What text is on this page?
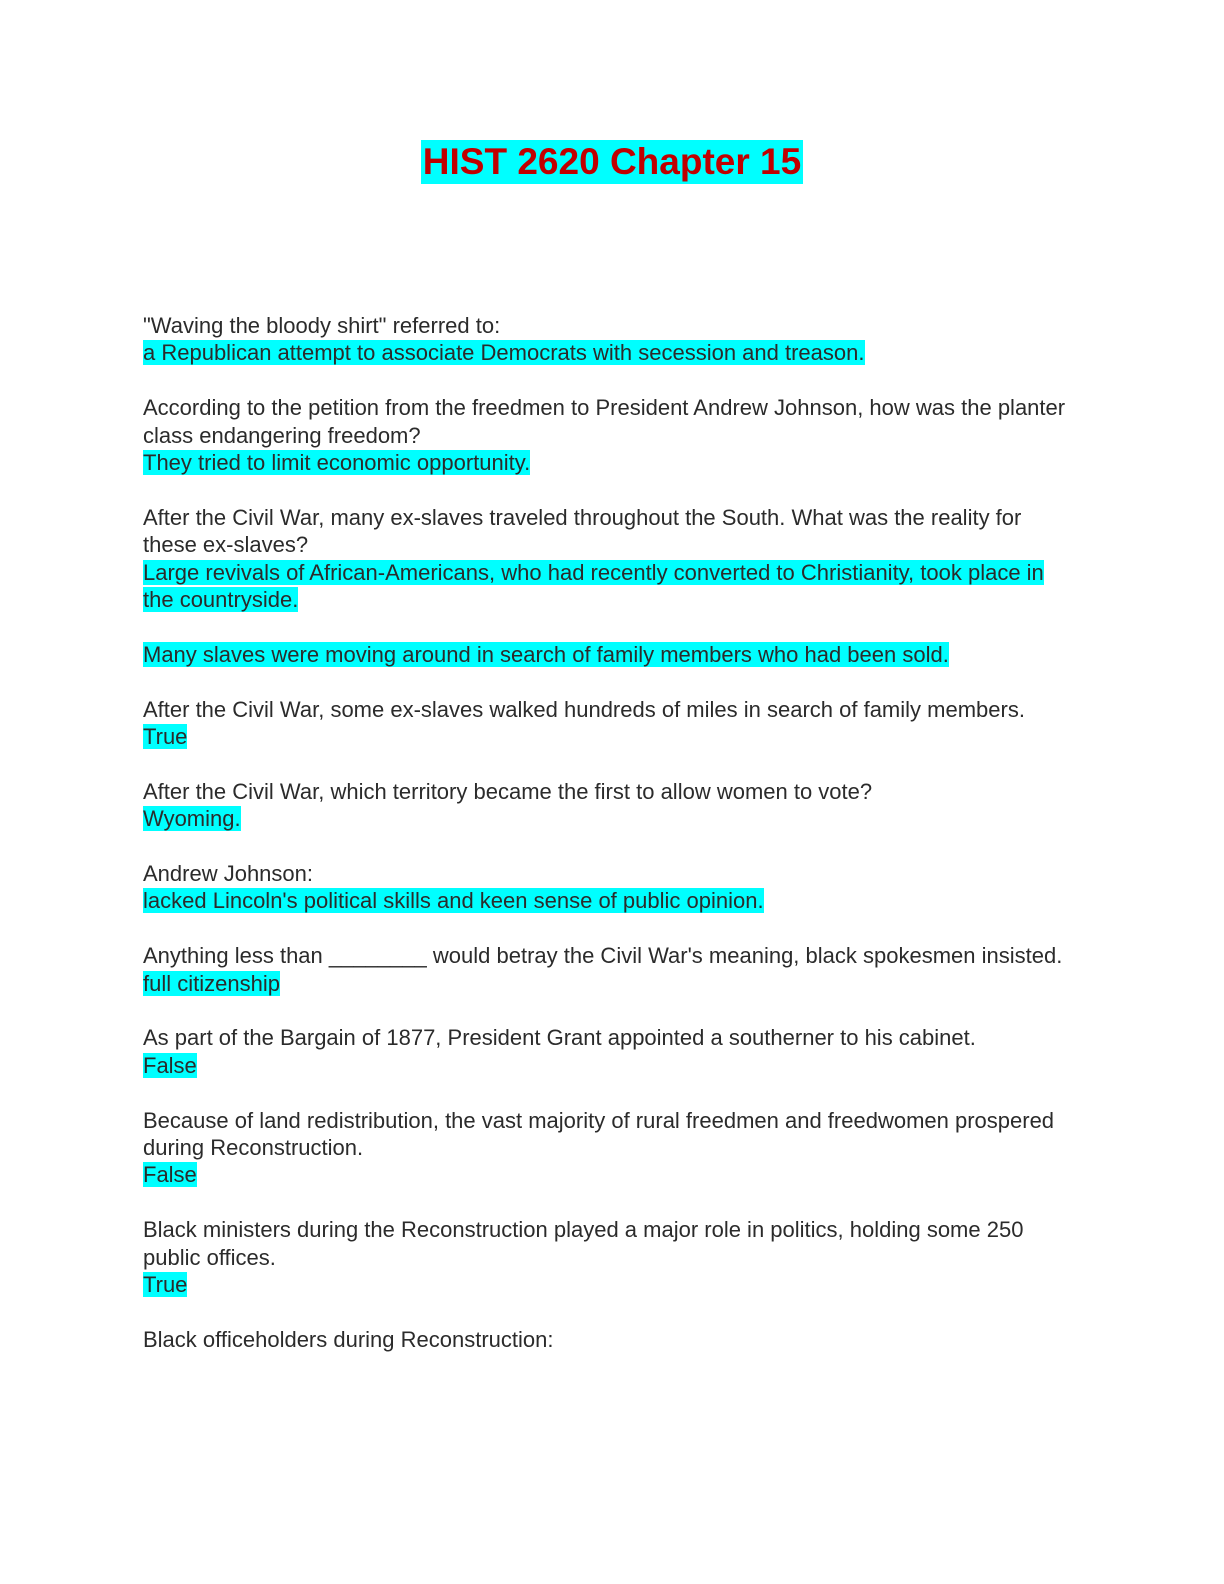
HIST 2620 Chapter 15

"Waving the bloody shirt" referred to:

a Republican attempt to associate Democrats with secession and treason.

According to the petition from the freedmen to President Andrew Johnson, how was the planter class endangering freedom?

They tried to limit economic opportunity.

After the Civil War, many ex-slaves traveled throughout the South. What was the reality for these ex-slaves?

Large revivals of African-Americans, who had recently converted to Christianity, took place in the countryside.

Many slaves were moving around in search of family members who had been sold.

After the Civil War, some ex-slaves walked hundreds of miles in search of family members.

True

After the Civil War, which territory became the first to allow women to vote?

Wyoming.

Andrew Johnson:

lacked Lincoln's political skills and keen sense of public opinion.

Anything less than ________ would betray the Civil War's meaning, black spokesmen insisted.

full citizenship

As part of the Bargain of 1877, President Grant appointed a southerner to his cabinet.

False

Because of land redistribution, the vast majority of rural freedmen and freedwomen prospered during Reconstruction.

False

Black ministers during the Reconstruction played a major role in politics, holding some 250 public offices.

True

Black officeholders during Reconstruction:
